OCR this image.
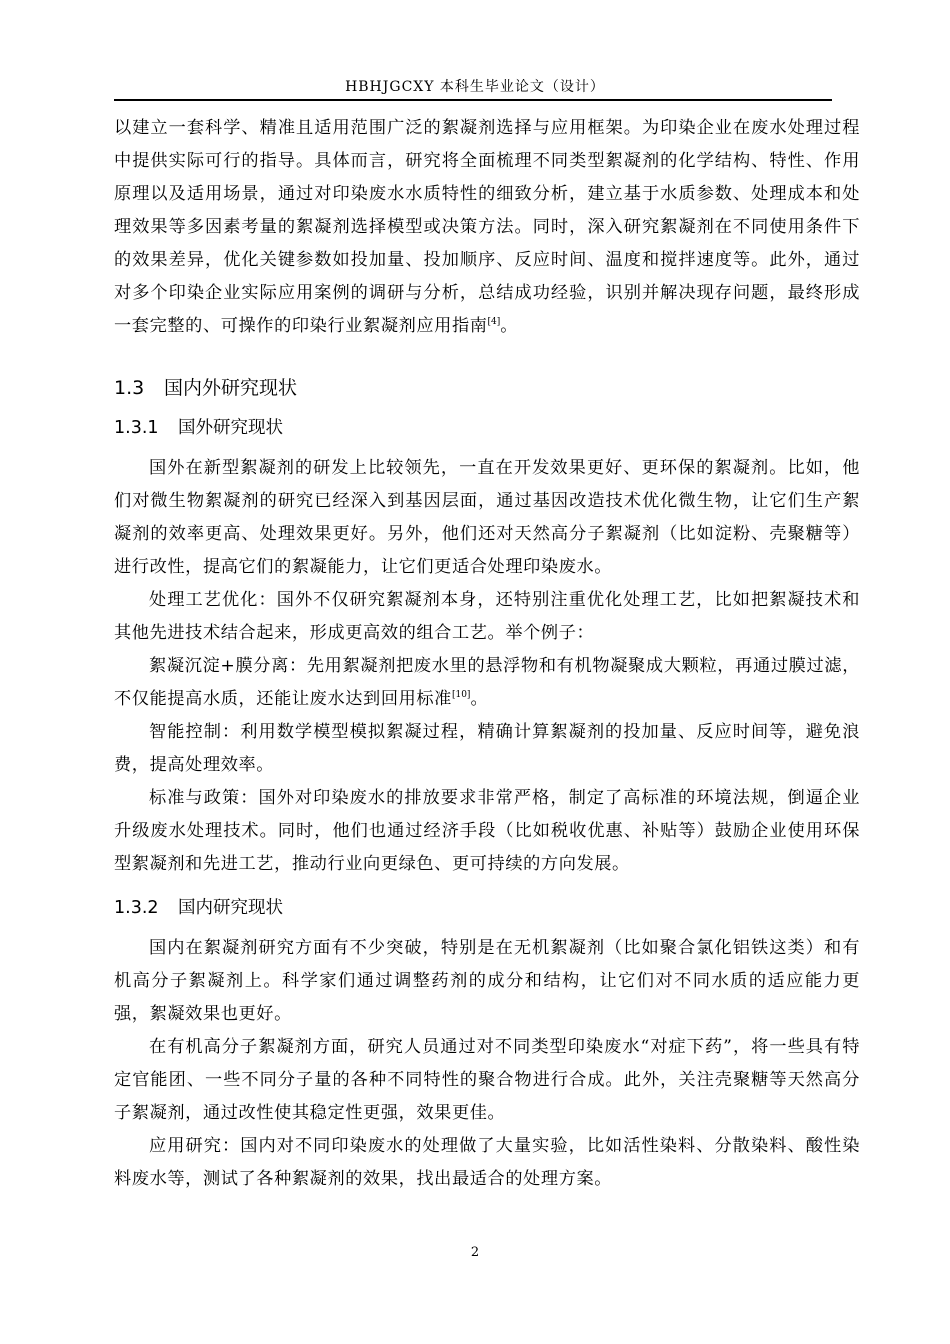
HBHJGCXY 本科生毕业论文（设计）

以建立一套科学、精准且适用范围广泛的絮凝剂选择与应用框架。为印染企业在废水处理过程中提供实际可行的指导。具体而言，研究将全面梳理不同类型絮凝剂的化学结构、特性、作用原理以及适用场景，通过对印染废水水质特性的细致分析，建立基于水质参数、处理成本和处理效果等多因素考量的絮凝剂选择模型或决策方法。同时，深入研究絮凝剂在不同使用条件下的效果差异，优化关键参数如投加量、投加顺序、反应时间、温度和搅拌速度等。此外，通过对多个印染企业实际应用案例的调研与分析，总结成功经验，识别并解决现存问题，最终形成一套完整的、可操作的印染行业絮凝剂应用指南[4]。

1.3 国内外研究现状
1.3.1 国外研究现状

国外在新型絮凝剂的研发上比较领先，一直在开发效果更好、更环保的絮凝剂。比如，他们对微生物絮凝剂的研究已经深入到基因层面，通过基因改造技术优化微生物，让它们生产絮凝剂的效率更高、处理效果更好。另外，他们还对天然高分子絮凝剂（比如淀粉、壳聚糖等）进行改性，提高它们的絮凝能力，让它们更适合处理印染废水。

处理工艺优化：国外不仅研究絮凝剂本身，还特别注重优化处理工艺，比如把絮凝技术和其他先进技术结合起来，形成更高效的组合工艺。举个例子：

絮凝沉淀+膜分离：先用絮凝剂把废水里的悬浮物和有机物凝聚成大颗粒，再通过膜过滤，不仅能提高水质，还能让废水达到回用标准[10]。

智能控制：利用数学模型模拟絮凝过程，精确计算絮凝剂的投加量、反应时间等，避免浪费，提高处理效率。

标准与政策：国外对印染废水的排放要求非常严格，制定了高标准的环境法规，倒逼企业升级废水处理技术。同时，他们也通过经济手段（比如税收优惠、补贴等）鼓励企业使用环保型絮凝剂和先进工艺，推动行业向更绿色、更可持续的方向发展。

1.3.2 国内研究现状

国内在絮凝剂研究方面有不少突破，特别是在无机絮凝剂（比如聚合氯化铝铁这类）和有机高分子絮凝剂上。科学家们通过调整药剂的成分和结构，让它们对不同水质的适应能力更强，絮凝效果也更好。

在有机高分子絮凝剂方面，研究人员通过对不同类型印染废水“对症下药”，将一些具有特定官能团、一些不同分子量的各种不同特性的聚合物进行合成。此外，关注壳聚糖等天然高分子絮凝剂，通过改性使其稳定性更强，效果更佳。

应用研究：国内对不同印染废水的处理做了大量实验，比如活性染料、分散染料、酸性染料废水等，测试了各种絮凝剂的效果，找出最适合的处理方案。

2
